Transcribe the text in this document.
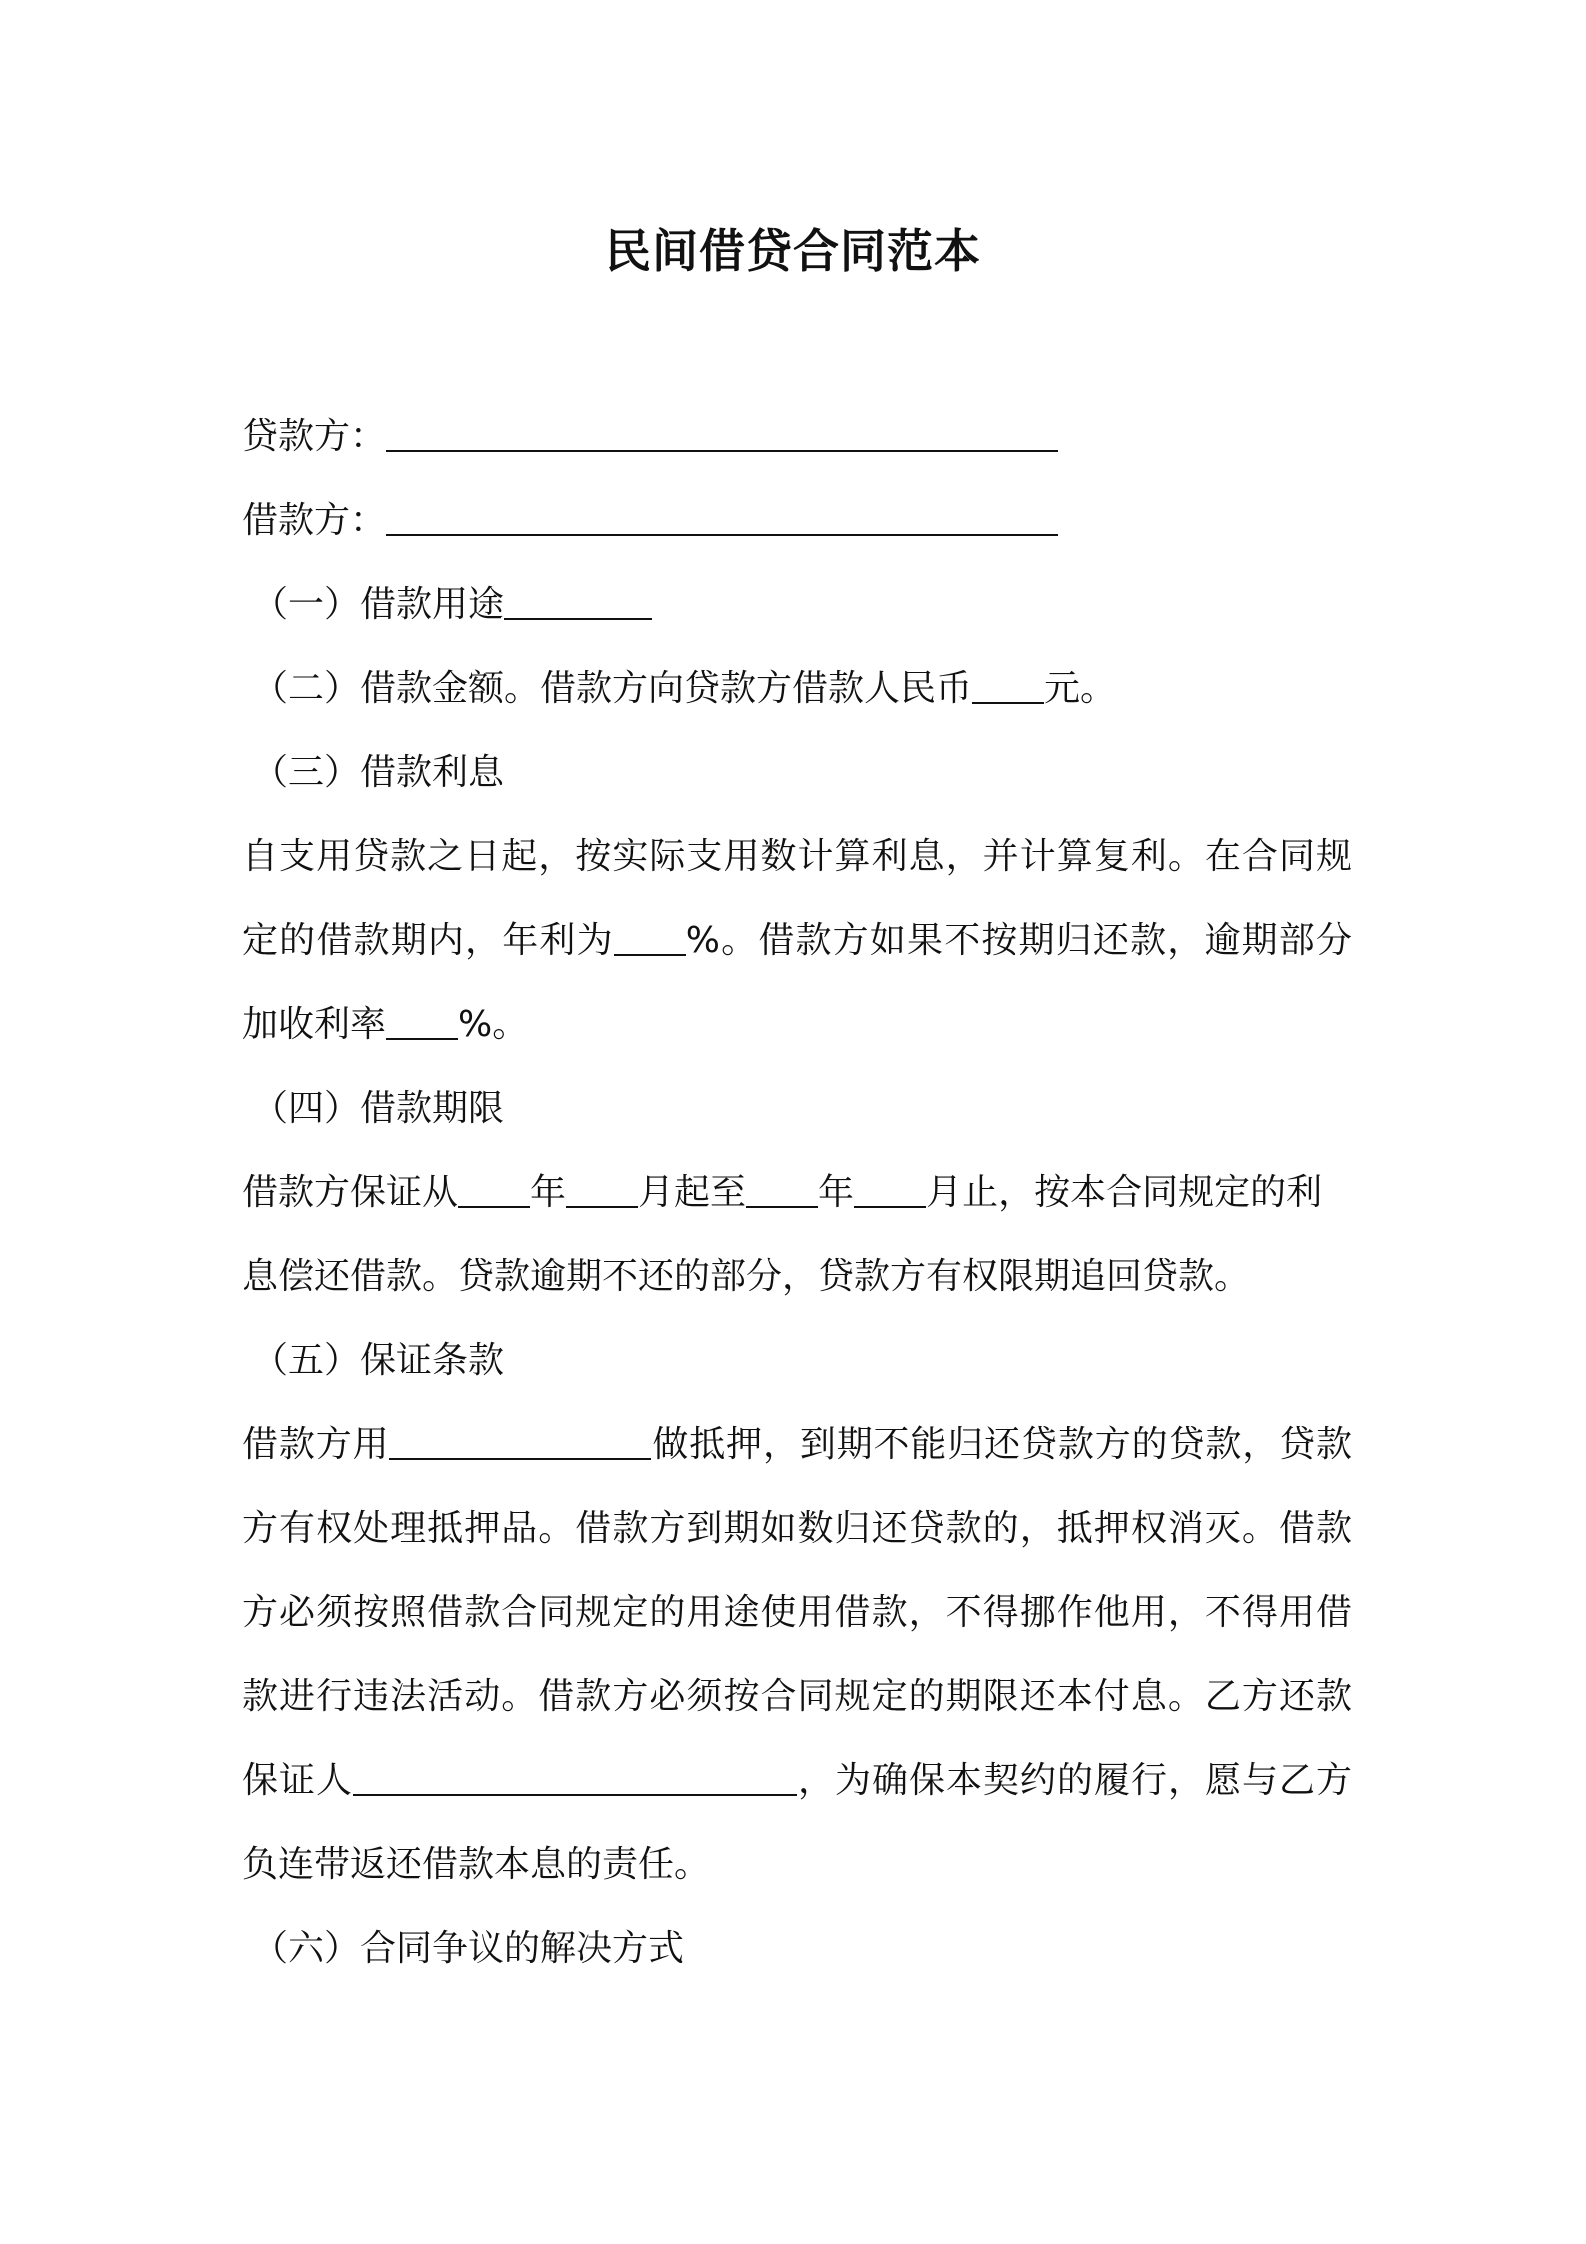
民间借贷合同范本
贷款方：
借款方：
（一）借款用途
（二）借款金额。借款方向贷款方借款人民币 元。
（三）借款利息
自支用贷款之日起，按实际支用数计算利息，并计算复利。在合同规
定的借款期内，年利为 %。借款方如果不按期归还款，逾期部分
加收利率 %。
（四）借款期限
借款方保证从 年 月起至 年 月止，按本合同规定的利
息偿还借款。贷款逾期不还的部分，贷款方有权限期追回贷款。
（五）保证条款
借款方用	做抵押，到期不能归还贷款方的贷款，贷款
方有权处理抵押品。借款方到期如数归还贷款的，抵押权消灭。借款
方必须按照借款合同规定的用途使用借款，不得挪作他用，不得用借
款进行违法活动。借款方必须按合同规定的期限还本付息。乙方还款
保证人	，为确保本契约的履行，愿与乙方
负连带返还借款本息的责任。
（六）合同争议的解决方式
